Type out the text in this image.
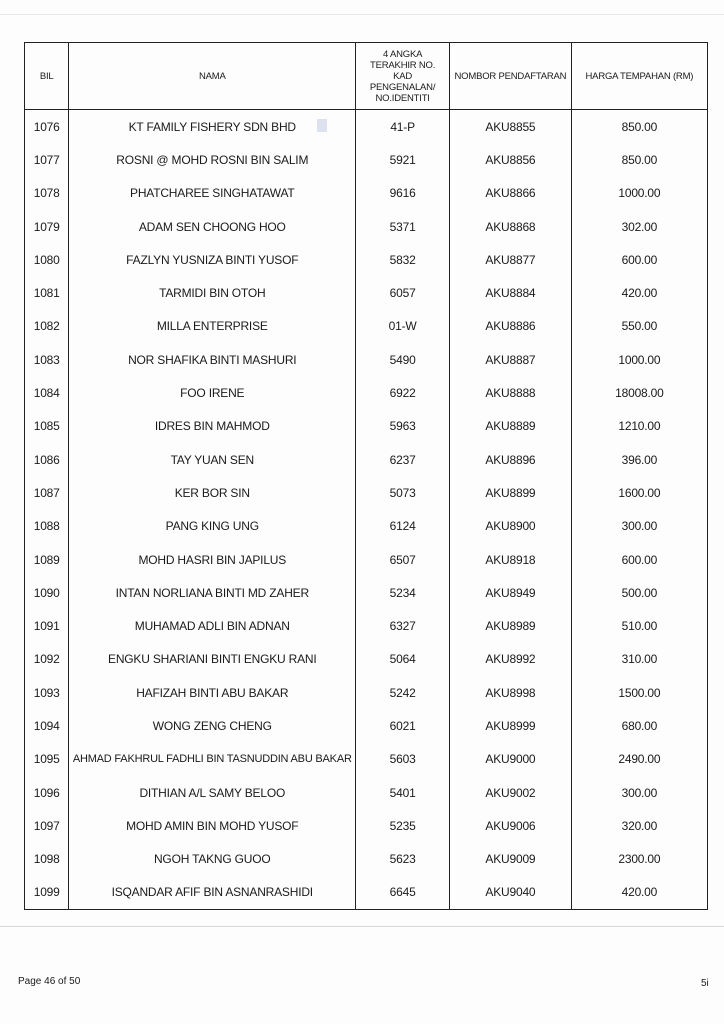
BIL	NAMA	4 ANGKA TERAKHIR NO. KAD PENGENALAN/ NO.IDENTITI	NOMBOR PENDAFTARAN	HARGA TEMPAHAN (RM)
1076	KT FAMILY FISHERY SDN BHD	41-P	AKU8855	850.00
1077	ROSNI @ MOHD ROSNI BIN SALIM	5921	AKU8856	850.00
1078	PHATCHAREE SINGHATAWAT	9616	AKU8866	1000.00
1079	ADAM SEN CHOONG HOO	5371	AKU8868	302.00
1080	FAZLYN YUSNIZA BINTI YUSOF	5832	AKU8877	600.00
1081	TARMIDI BIN OTOH	6057	AKU8884	420.00
1082	MILLA ENTERPRISE	01-W	AKU8886	550.00
1083	NOR SHAFIKA BINTI MASHURI	5490	AKU8887	1000.00
1084	FOO IRENE	6922	AKU8888	18008.00
1085	IDRES BIN MAHMOD	5963	AKU8889	1210.00
1086	TAY YUAN SEN	6237	AKU8896	396.00
1087	KER BOR SIN	5073	AKU8899	1600.00
1088	PANG KING UNG	6124	AKU8900	300.00
1089	MOHD HASRI BIN JAPILUS	6507	AKU8918	600.00
1090	INTAN NORLIANA BINTI MD ZAHER	5234	AKU8949	500.00
1091	MUHAMAD ADLI BIN ADNAN	6327	AKU8989	510.00
1092	ENGKU SHARIANI BINTI ENGKU RANI	5064	AKU8992	310.00
1093	HAFIZAH BINTI ABU BAKAR	5242	AKU8998	1500.00
1094	WONG ZENG CHENG	6021	AKU8999	680.00
1095	AHMAD FAKHRUL FADHLI BIN TASNUDDIN ABU BAKAR	5603	AKU9000	2490.00
1096	DITHIAN A/L SAMY BELOO	5401	AKU9002	300.00
1097	MOHD AMIN BIN MOHD YUSOF	5235	AKU9006	320.00
1098	NGOH TAKNG GUOO	5623	AKU9009	2300.00
1099	ISQANDAR AFIF BIN ASNANRASHIDI	6645	AKU9040	420.00
Page 46 of 50	5i
